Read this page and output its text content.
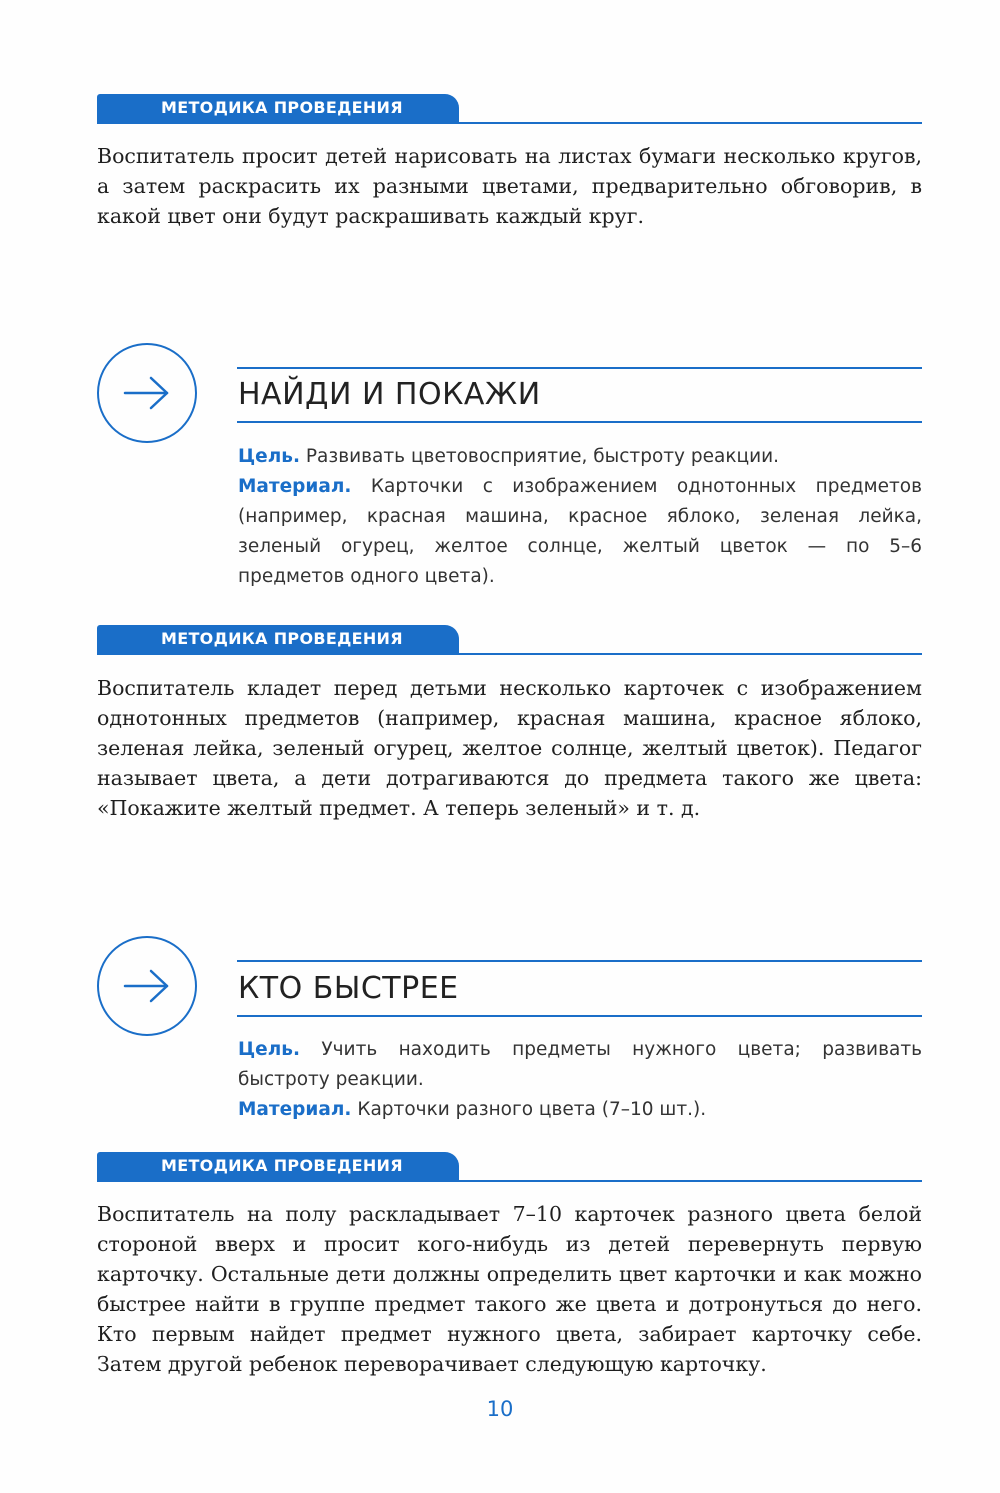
МЕТОДИКА ПРОВЕДЕНИЯ

Воспитатель просит детей нарисовать на листах бумаги несколько кругов, а затем раскрасить их разными цветами, предварительно обговорив, в какой цвет они будут раскрашивать каждый круг.

НАЙДИ И ПОКАЖИ

Цель. Развивать цветовосприятие, быстроту реакции.

Материал. Карточки с изображением однотонных предметов (например, красная машина, красное яблоко, зеленая лейка, зеленый огурец, желтое солнце, желтый цветок — по 5–6 предметов одного цвета).

МЕТОДИКА ПРОВЕДЕНИЯ

Воспитатель кладет перед детьми несколько карточек с изображением однотонных предметов (например, красная машина, красное яблоко, зеленая лейка, зеленый огурец, желтое солнце, желтый цветок). Педагог называет цвета, а дети дотрагиваются до предмета такого же цвета: «Покажите желтый предмет. А теперь зеленый» и т. д.

КТО БЫСТРЕЕ

Цель. Учить находить предметы нужного цвета; развивать быстроту реакции.

Материал. Карточки разного цвета (7–10 шт.).

МЕТОДИКА ПРОВЕДЕНИЯ

Воспитатель на полу раскладывает 7–10 карточек разного цвета белой стороной вверх и просит кого-нибудь из детей перевернуть первую карточку. Остальные дети должны определить цвет карточки и как можно быстрее найти в группе предмет такого же цвета и дотронуться до него. Кто первым найдет предмет нужного цвета, забирает карточку себе. Затем другой ребенок переворачивает следующую карточку.

10
